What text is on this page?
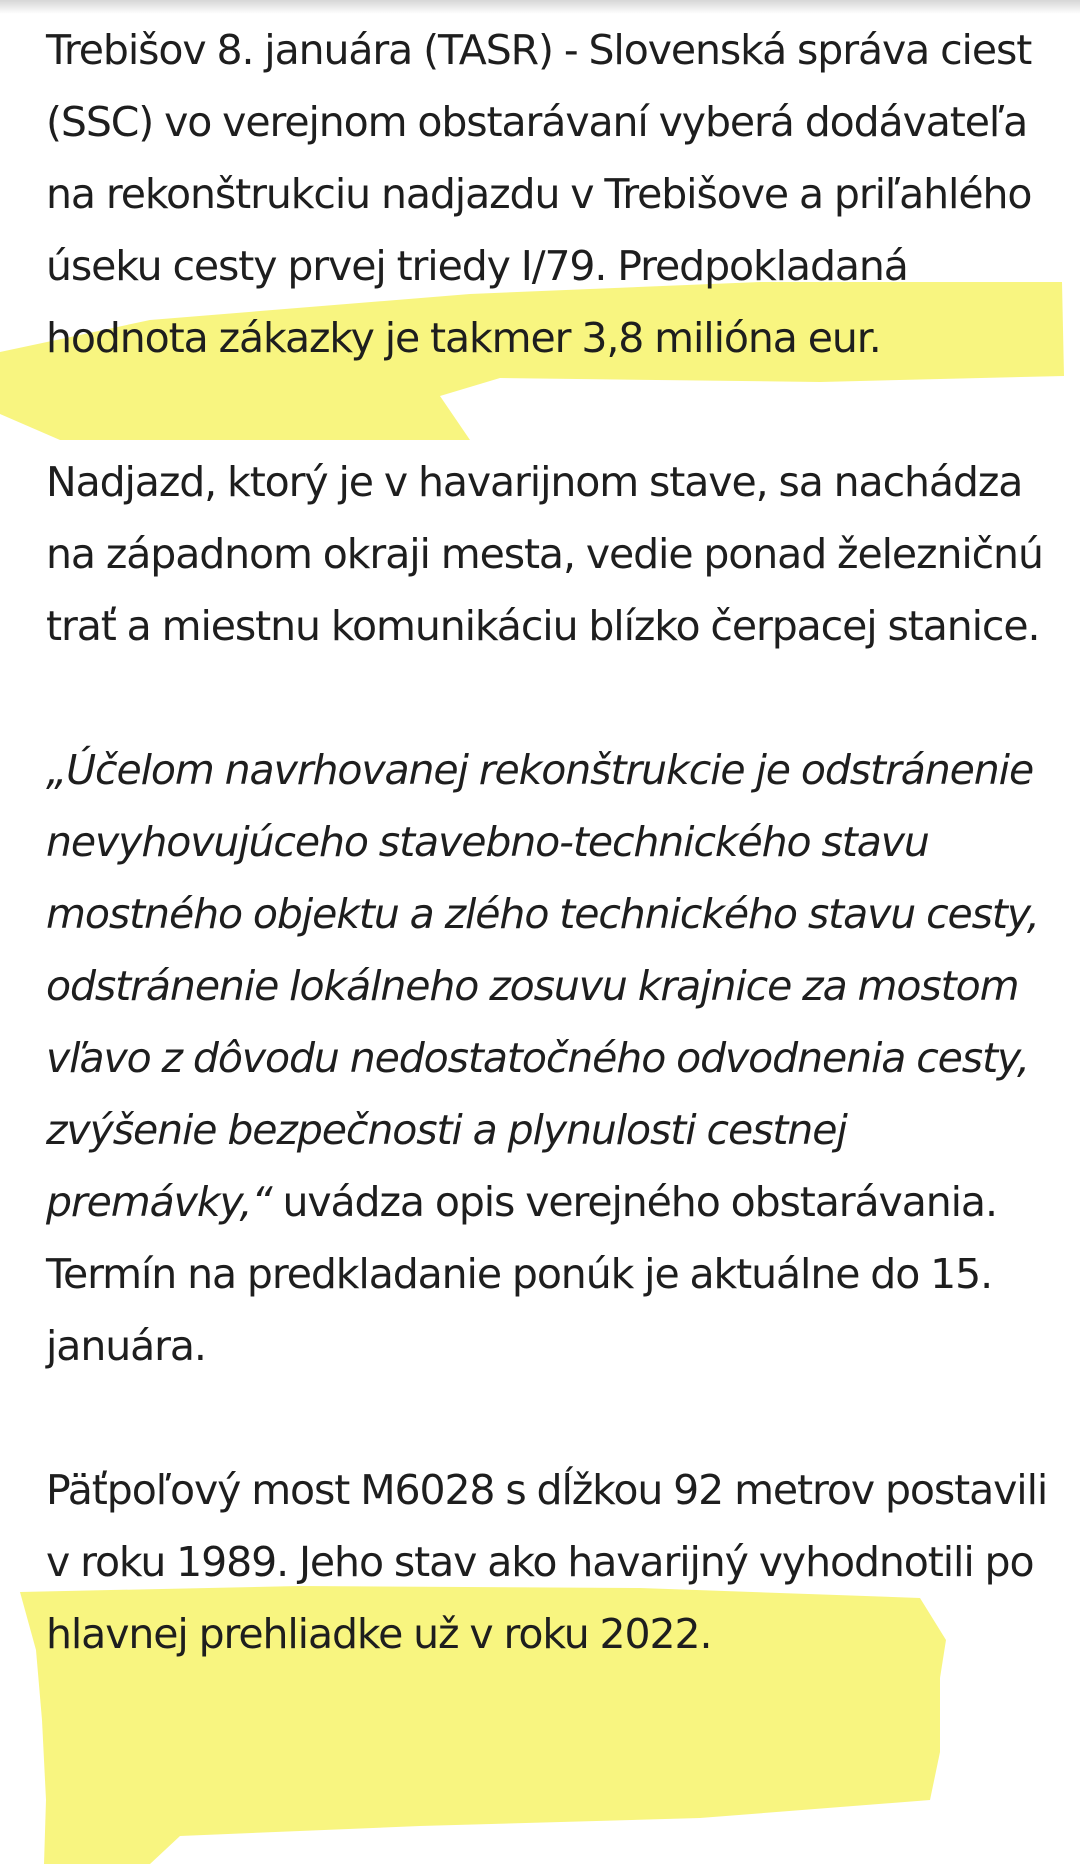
Trebišov 8. januára (TASR) - Slovenská správa ciest (SSC) vo verejnom obstarávaní vyberá dodávateľa na rekonštrukciu nadjazdu v Trebišove a priľahlého úseku cesty prvej triedy I/79. Predpokladaná hodnota zákazky je takmer 3,8 milióna eur.

Nadjazd, ktorý je v havarijnom stave, sa nachádza na západnom okraji mesta, vedie ponad železničnú trať a miestnu komunikáciu blízko čerpacej stanice.

„Účelom navrhovanej rekonštrukcie je odstránenie nevyhovujúceho stavebno-technického stavu mostného objektu a zlého technického stavu cesty, odstránenie lokálneho zosuvu krajnice za mostom vľavo z dôvodu nedostatočného odvodnenia cesty, zvýšenie bezpečnosti a plynulosti cestnej premávky,“ uvádza opis verejného obstarávania. Termín na predkladanie ponúk je aktuálne do 15. januára.

Päťpoľový most M6028 s dĺžkou 92 metrov postavili v roku 1989. Jeho stav ako havarijný vyhodnotili po hlavnej prehliadke už v roku 2022.
